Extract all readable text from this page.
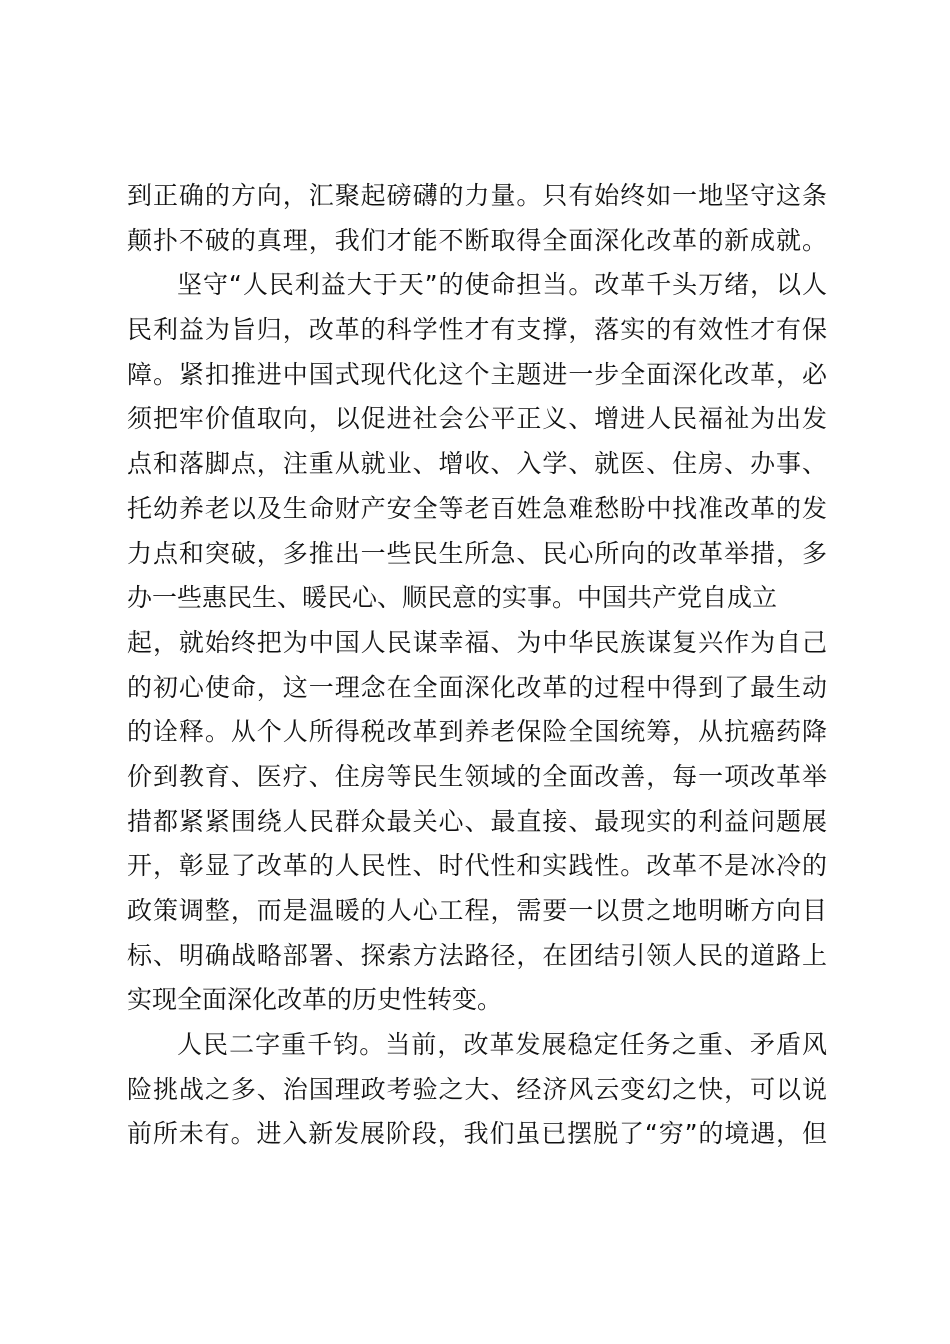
到正确的方向，汇聚起磅礴的力量。只有始终如一地坚守这条
颠扑不破的真理，我们才能不断取得全面深化改革的新成就。
坚守“人民利益大于天”的使命担当。改革千头万绪，以人
民利益为旨归，改革的科学性才有支撑，落实的有效性才有保
障。紧扣推进中国式现代化这个主题进一步全面深化改革，必
须把牢价值取向，以促进社会公平正义、增进人民福祉为出发
点和落脚点，注重从就业、增收、入学、就医、住房、办事、
托幼养老以及生命财产安全等老百姓急难愁盼中找准改革的发
力点和突破，多推出一些民生所急、民心所向的改革举措，多
办一些惠民生、暖民心、顺民意的实事。中国共产党自成立
起，就始终把为中国人民谋幸福、为中华民族谋复兴作为自己
的初心使命，这一理念在全面深化改革的过程中得到了最生动
的诠释。从个人所得税改革到养老保险全国统筹，从抗癌药降
价到教育、医疗、住房等民生领域的全面改善，每一项改革举
措都紧紧围绕人民群众最关心、最直接、最现实的利益问题展
开，彰显了改革的人民性、时代性和实践性。改革不是冰冷的
政策调整，而是温暖的人心工程，需要一以贯之地明晰方向目
标、明确战略部署、探索方法路径，在团结引领人民的道路上
实现全面深化改革的历史性转变。
人民二字重千钧。当前，改革发展稳定任务之重、矛盾风
险挑战之多、治国理政考验之大、经济风云变幻之快，可以说
前所未有。进入新发展阶段，我们虽已摆脱了“穷”的境遇，但
